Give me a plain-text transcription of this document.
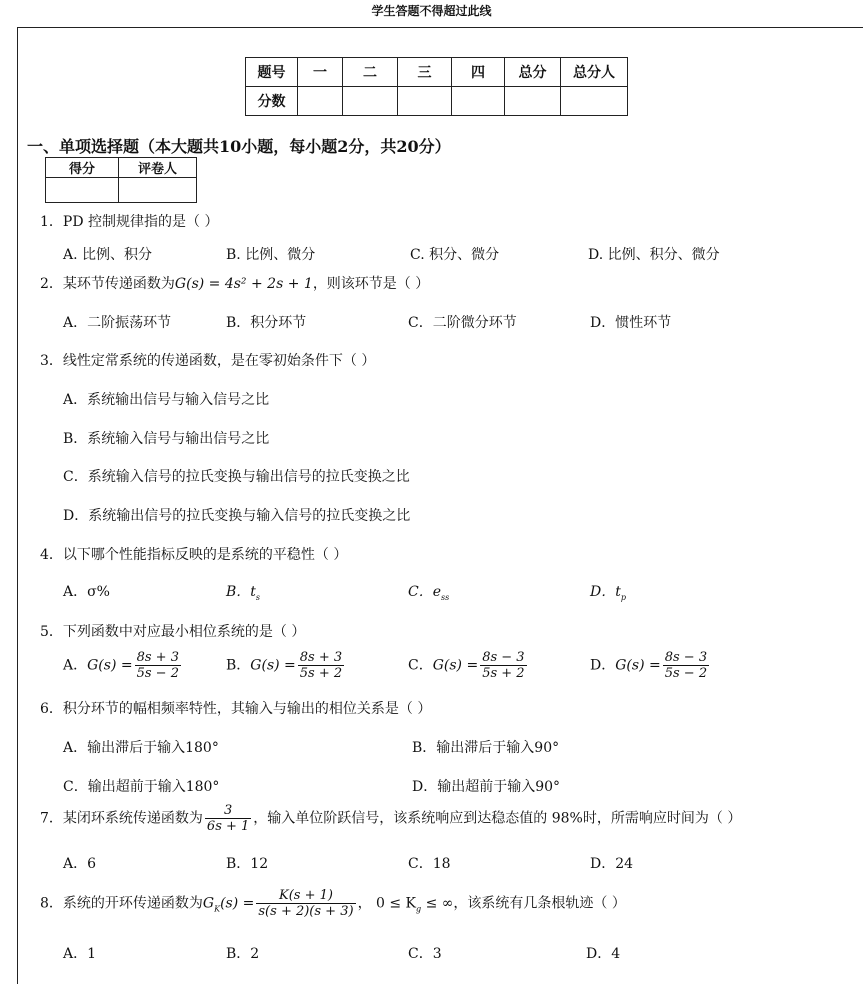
学生答题不得超过此线
题号	一	二	三	四	总分	总分人
分数						
一、单项选择题（本大题共10小题，每小题2分，共20分）
得分	评卷人

1．PD 控制规律指的是（ ）
A. 比例、积分	B. 比例、微分	C. 积分、微分	D. 比例、积分、微分
2．某环节传递函数为G(s) = 4s² + 2s + 1，则该环节是（ ）
A．二阶振荡环节	B．积分环节	C．二阶微分环节	D．惯性环节
3．线性定常系统的传递函数，是在零初始条件下（ ）
A．系统输出信号与输入信号之比
B．系统输入信号与输出信号之比
C．系统输入信号的拉氏变换与输出信号的拉氏变换之比
D．系统输出信号的拉氏变换与输入信号的拉氏变换之比
4．以下哪个性能指标反映的是系统的平稳性（ ）
A．σ%	B．$t_s$	C．$e_{ss}$	D．$t_p$
5．下列函数中对应最小相位系统的是（ ）
A．$G(s) = \frac{8s + 3}{5s - 2}$	B．$G(s) = \frac{8s + 3}{5s + 2}$	C．$G(s) = \frac{8s - 3}{5s + 2}$	D．$G(s) = \frac{8s - 3}{5s - 2}$
6．积分环节的幅相频率特性，其输入与输出的相位关系是（ ）
A．输出滞后于输入180°	B．输出滞后于输入90°
C．输出超前于输入180°	D．输出超前于输入90°
7．某闭环系统传递函数为 $\frac{3}{6s + 1}$ ，输入单位阶跃信号，该系统响应到达稳态值的 98%时，所需响应时间为（ ）
A．6	B．12	C．18	D．24
8．系统的开环传递函数为$G_K(s) = \frac{K(s + 1)}{s(s + 2)(s + 3)}$ ， $0 \le K_g$ ≤ ∞，该系统有几条根轨迹（ ）
A．1	B．2	C．3	D．4
